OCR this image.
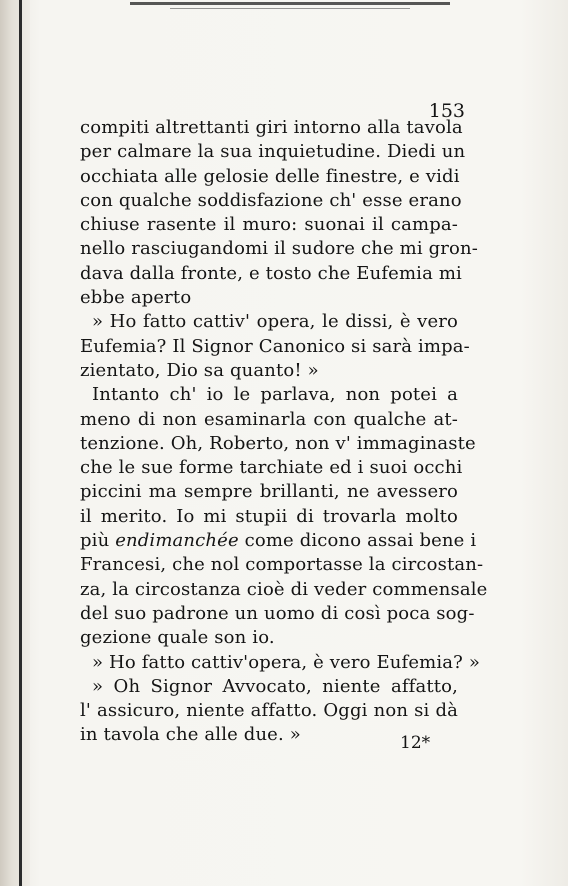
153
compiti altrettanti giri intorno alla tavola
per calmare la sua inquietudine. Diedi un
occhiata alle gelosie delle finestre, e vidi
con qualche soddisfazione ch' esse erano
chiuse rasente il muro: suonai il campa-
nello rasciugandomi il sudore che mi gron-
dava dalla fronte, e tosto che Eufemia mi
ebbe aperto
» Ho fatto cattiv' opera, le dissi, è vero
Eufemia? Il Signor Canonico si sarà impa-
zientato, Dio sa quanto! »
Intanto ch' io le parlava, non potei a
meno di non esaminarla con qualche at-
tenzione. Oh, Roberto, non v' immaginaste
che le sue forme tarchiate ed i suoi occhi
piccini ma sempre brillanti, ne avessero
il merito. Io mi stupii di trovarla molto
più endimanchée come dicono assai bene i
Francesi, che nol comportasse la circostan-
za, la circostanza cioè di veder commensale
del suo padrone un uomo di così poca sog-
gezione quale son io.
» Ho fatto cattiv'opera, è vero Eufemia? »
» Oh Signor Avvocato, niente affatto,
l' assicuro, niente affatto. Oggi non si dà
in tavola che alle due. »	12*
